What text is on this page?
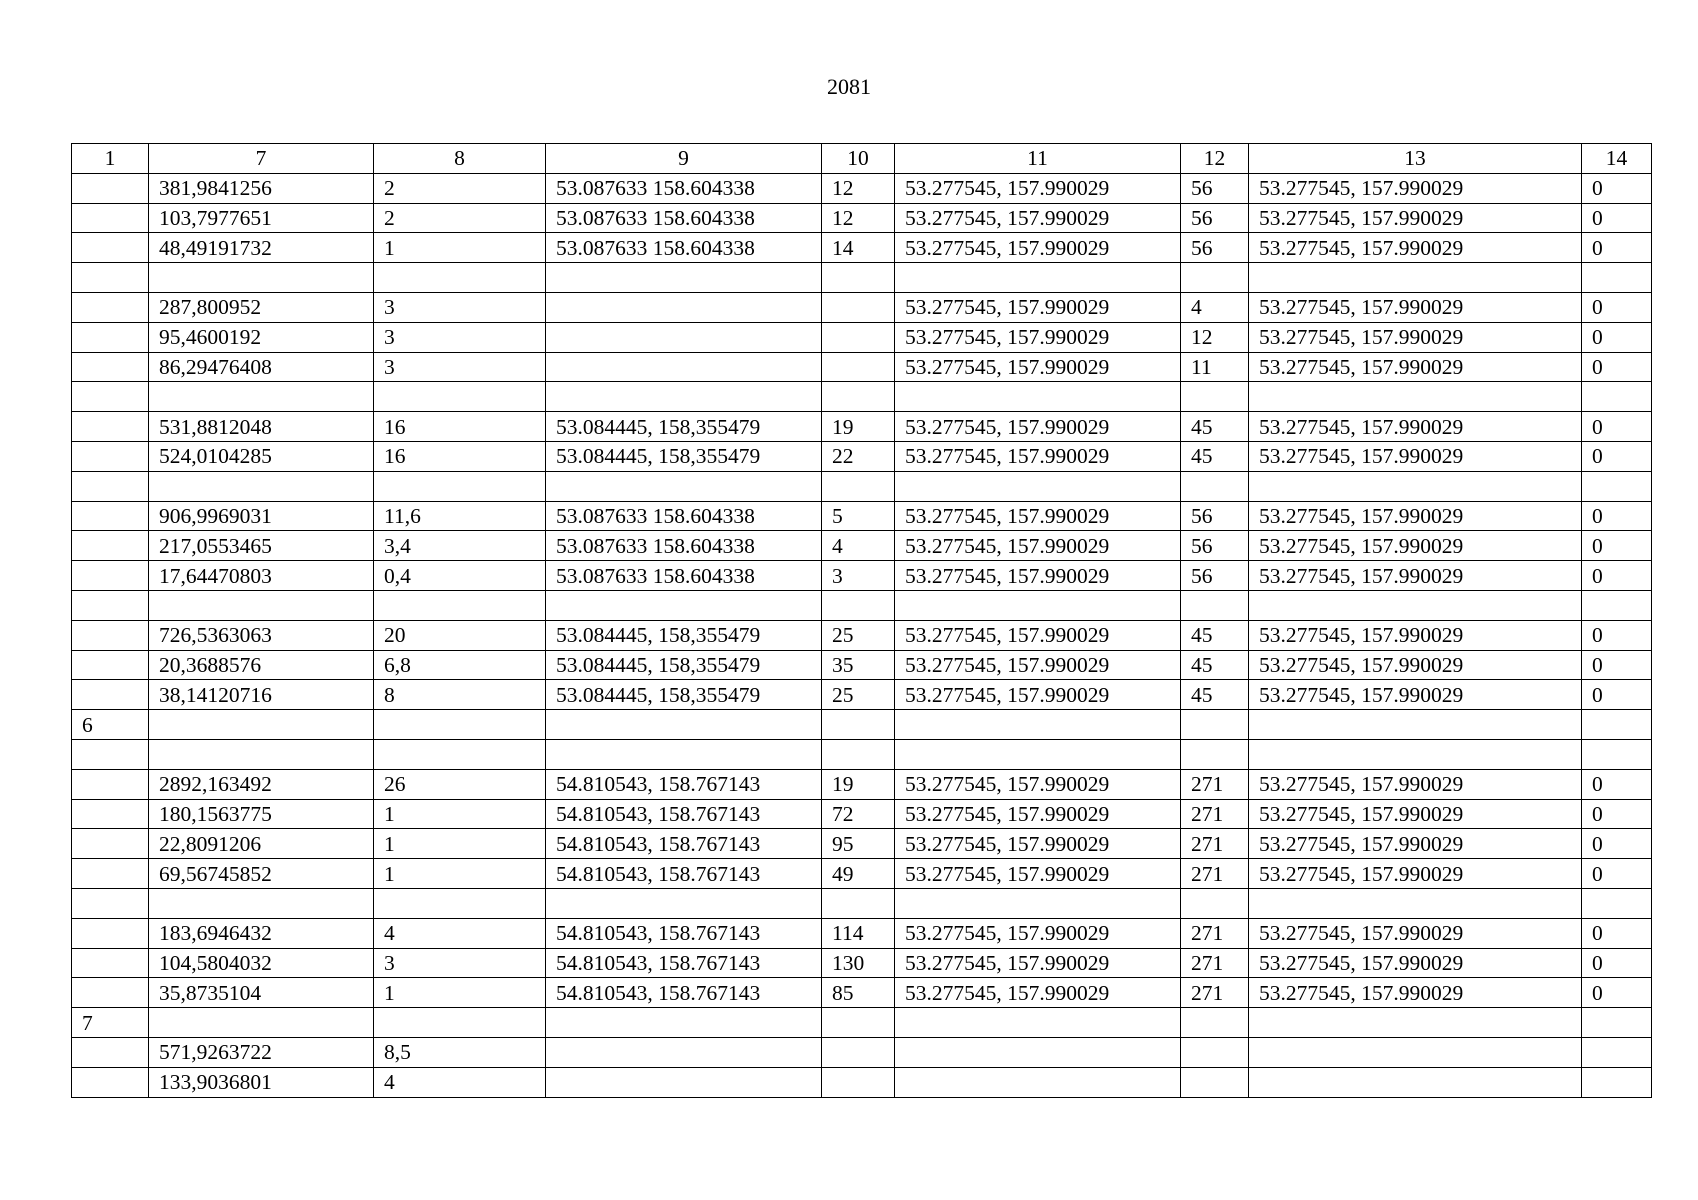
2081
1	7	8	9	10	11	12	13	14
	381,9841256	2	53.087633 158.604338	12	53.277545, 157.990029	56	53.277545, 157.990029	0
	103,7977651	2	53.087633 158.604338	12	53.277545, 157.990029	56	53.277545, 157.990029	0
	48,49191732	1	53.087633 158.604338	14	53.277545, 157.990029	56	53.277545, 157.990029	0

	287,800952	3			53.277545, 157.990029	4	53.277545, 157.990029	0
	95,4600192	3			53.277545, 157.990029	12	53.277545, 157.990029	0
	86,29476408	3			53.277545, 157.990029	11	53.277545, 157.990029	0

	531,8812048	16	53.084445, 158,355479	19	53.277545, 157.990029	45	53.277545, 157.990029	0
	524,0104285	16	53.084445, 158,355479	22	53.277545, 157.990029	45	53.277545, 157.990029	0

	906,9969031	11,6	53.087633 158.604338	5	53.277545, 157.990029	56	53.277545, 157.990029	0
	217,0553465	3,4	53.087633 158.604338	4	53.277545, 157.990029	56	53.277545, 157.990029	0
	17,64470803	0,4	53.087633 158.604338	3	53.277545, 157.990029	56	53.277545, 157.990029	0

	726,5363063	20	53.084445, 158,355479	25	53.277545, 157.990029	45	53.277545, 157.990029	0
	20,3688576	6,8	53.084445, 158,355479	35	53.277545, 157.990029	45	53.277545, 157.990029	0
	38,14120716	8	53.084445, 158,355479	25	53.277545, 157.990029	45	53.277545, 157.990029	0
6								

	2892,163492	26	54.810543, 158.767143	19	53.277545, 157.990029	271	53.277545, 157.990029	0
	180,1563775	1	54.810543, 158.767143	72	53.277545, 157.990029	271	53.277545, 157.990029	0
	22,8091206	1	54.810543, 158.767143	95	53.277545, 157.990029	271	53.277545, 157.990029	0
	69,56745852	1	54.810543, 158.767143	49	53.277545, 157.990029	271	53.277545, 157.990029	0

	183,6946432	4	54.810543, 158.767143	114	53.277545, 157.990029	271	53.277545, 157.990029	0
	104,5804032	3	54.810543, 158.767143	130	53.277545, 157.990029	271	53.277545, 157.990029	0
	35,8735104	1	54.810543, 158.767143	85	53.277545, 157.990029	271	53.277545, 157.990029	0
7								
	571,9263722	8,5						
	133,9036801	4						
